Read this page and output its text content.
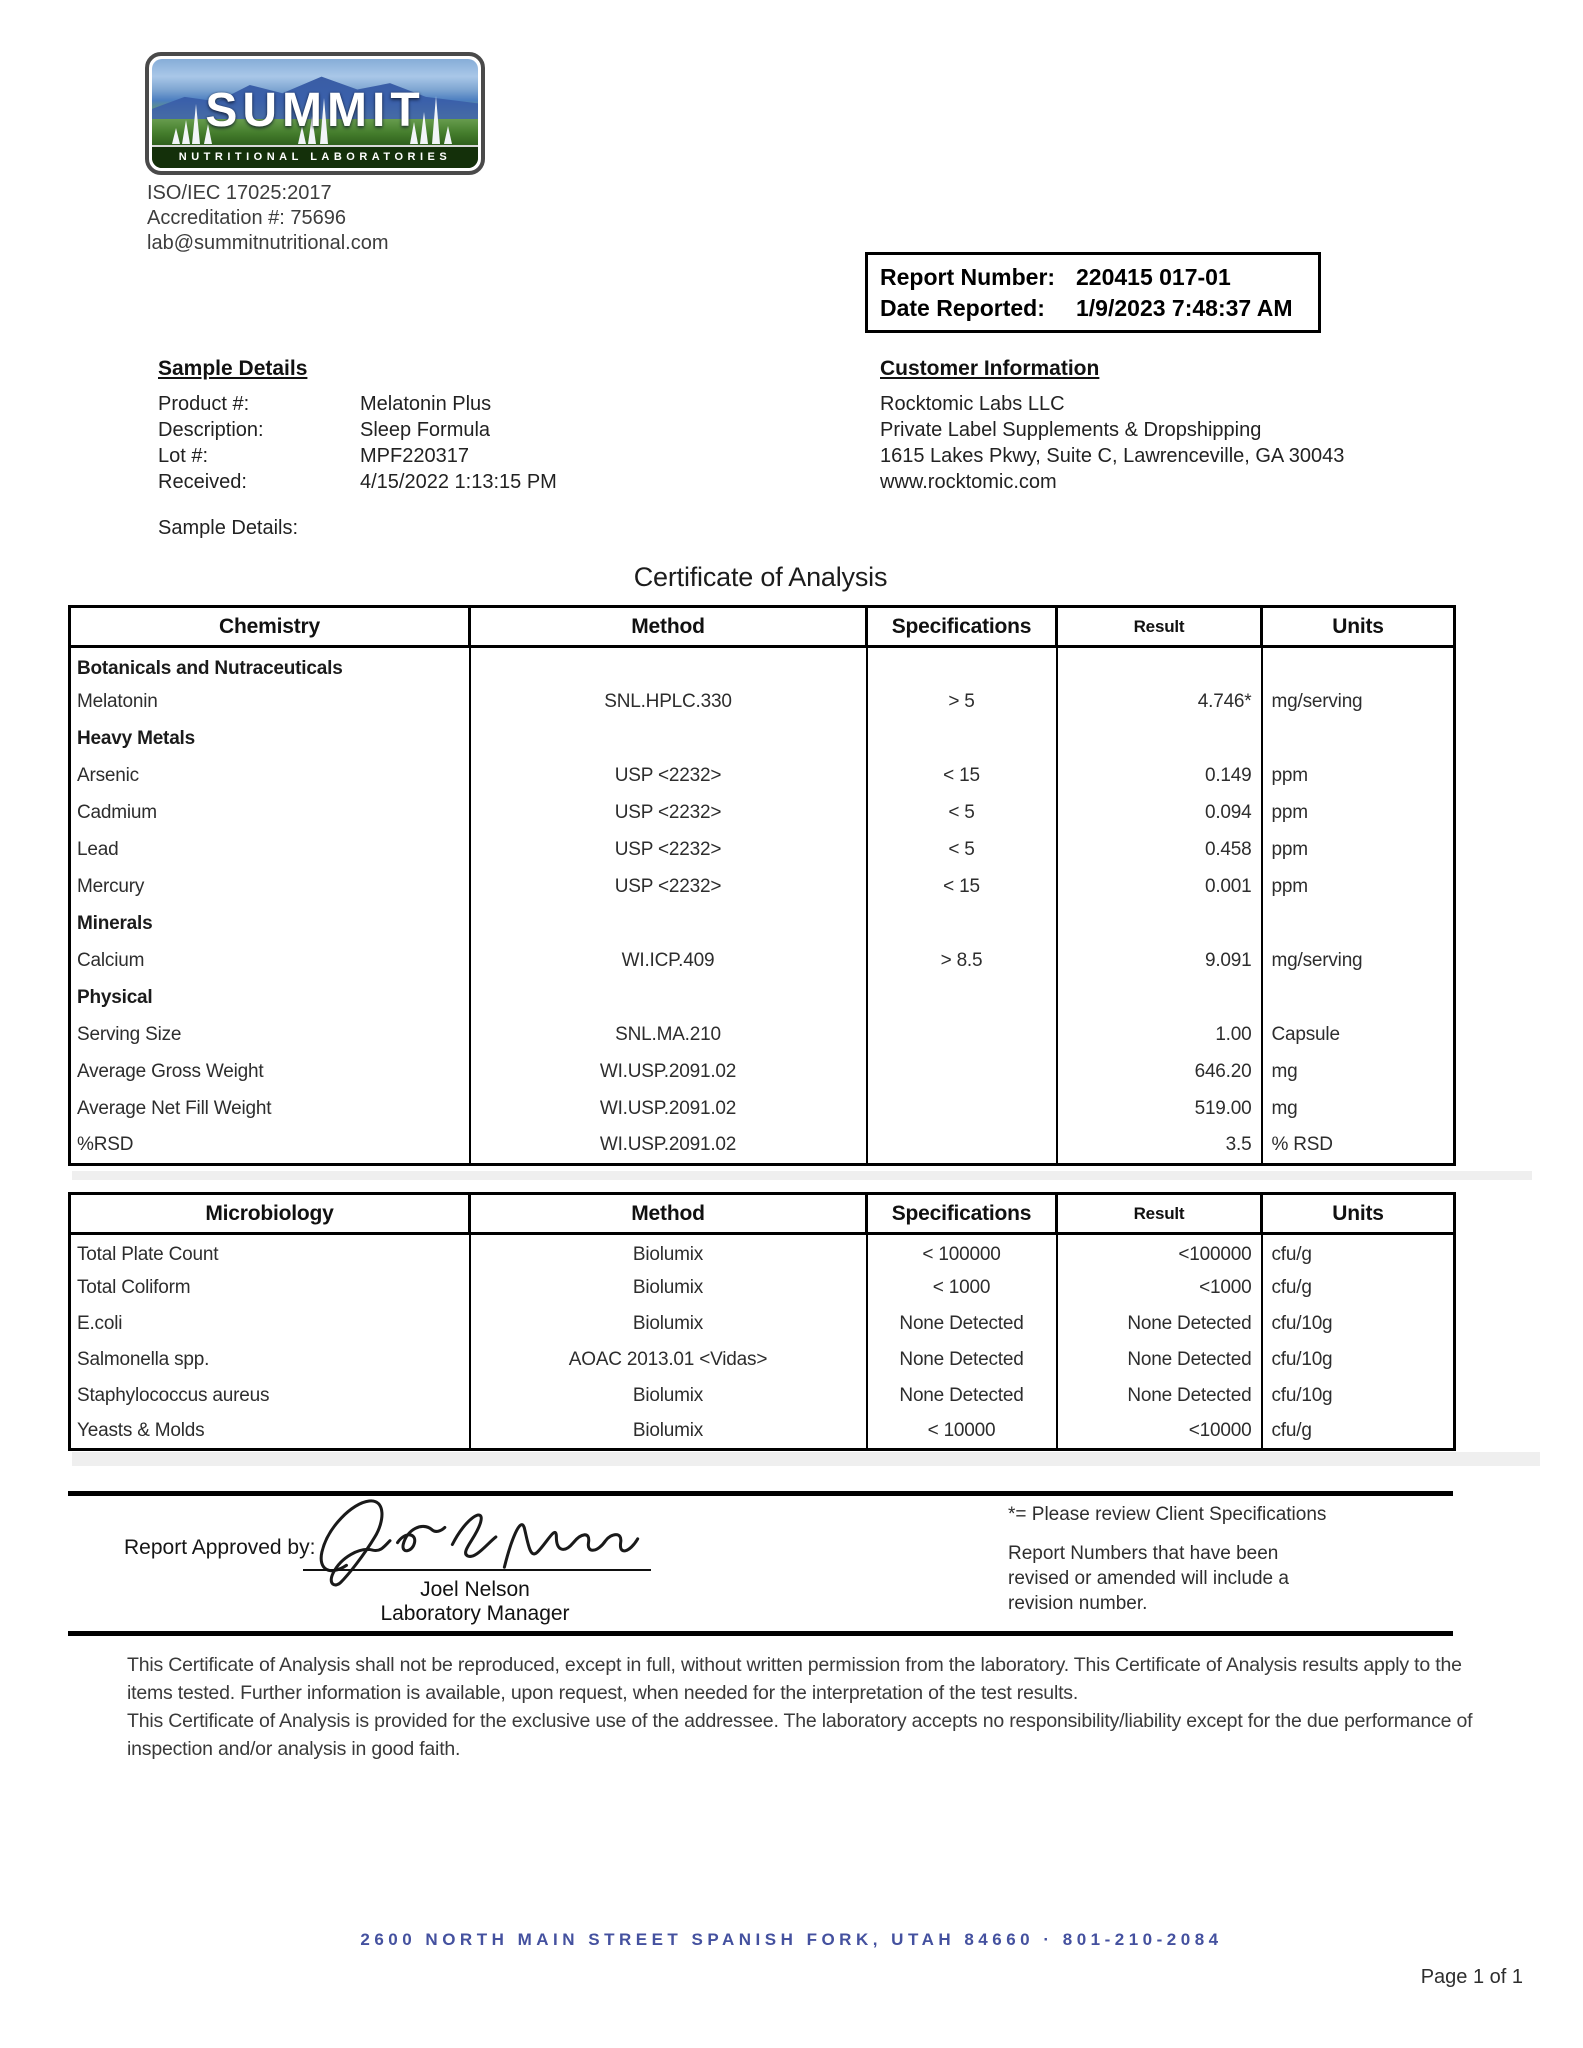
SUMMIT
NUTRITIONAL LABORATORIES
ISO/IEC 17025:2017
Accreditation #: 75696
lab@summitnutritional.com
Report Number: 220415 017-01
Date Reported:	1/9/2023 7:48:37 AM
Sample Details
Product #:	Melatonin Plus
Description:	Sleep Formula
Lot #:	MPF220317
Received:	4/15/2022 1:13:15 PM
Sample Details:
Customer Information
Rocktomic Labs LLC
Private Label Supplements & Dropshipping
1615 Lakes Pkwy, Suite C, Lawrenceville, GA 30043
www.rocktomic.com
Certificate of Analysis
Chemistry	Method	Specifications	Result	Units
Botanicals and Nutraceuticals				
Melatonin	SNL.HPLC.330	> 5	4.746*	mg/serving
Heavy Metals				
Arsenic	USP <2232>	< 15	0.149	ppm
Cadmium	USP <2232>	< 5	0.094	ppm
Lead	USP <2232>	< 5	0.458	ppm
Mercury	USP <2232>	< 15	0.001	ppm
Minerals				
Calcium	WI.ICP.409	> 8.5	9.091	mg/serving
Physical				
Serving Size	SNL.MA.210		1.00	Capsule
Average Gross Weight	WI.USP.2091.02		646.20	mg
Average Net Fill Weight	WI.USP.2091.02		519.00	mg
%RSD	WI.USP.2091.02		3.5	% RSD
Microbiology	Method	Specifications	Result	Units
Total Plate Count	Biolumix	< 100000	<100000	cfu/g
Total Coliform	Biolumix	< 1000	<1000	cfu/g
E.coli	Biolumix	None Detected	None Detected	cfu/10g
Salmonella spp.	AOAC 2013.01 <Vidas>	None Detected	None Detected	cfu/10g
Staphylococcus aureus	Biolumix	None Detected	None Detected	cfu/10g
Yeasts & Molds	Biolumix	< 10000	<10000	cfu/g
Report Approved by:
Joel Nelson
Laboratory Manager
*= Please review Client Specifications
Report Numbers that have been revised or amended will include a revision number.

This Certificate of Analysis shall not be reproduced, except in full, without written permission from the laboratory. This Certificate of Analysis results apply to the items tested. Further information is available, upon request, when needed for the interpretation of the test results.

This Certificate of Analysis is provided for the exclusive use of the addressee. The laboratory accepts no responsibility/liability except for the due performance of inspection and/or analysis in good faith.

2600 NORTH MAIN STREET SPANISH FORK, UTAH 84660 · 801-210-2084
Page 1 of 1
